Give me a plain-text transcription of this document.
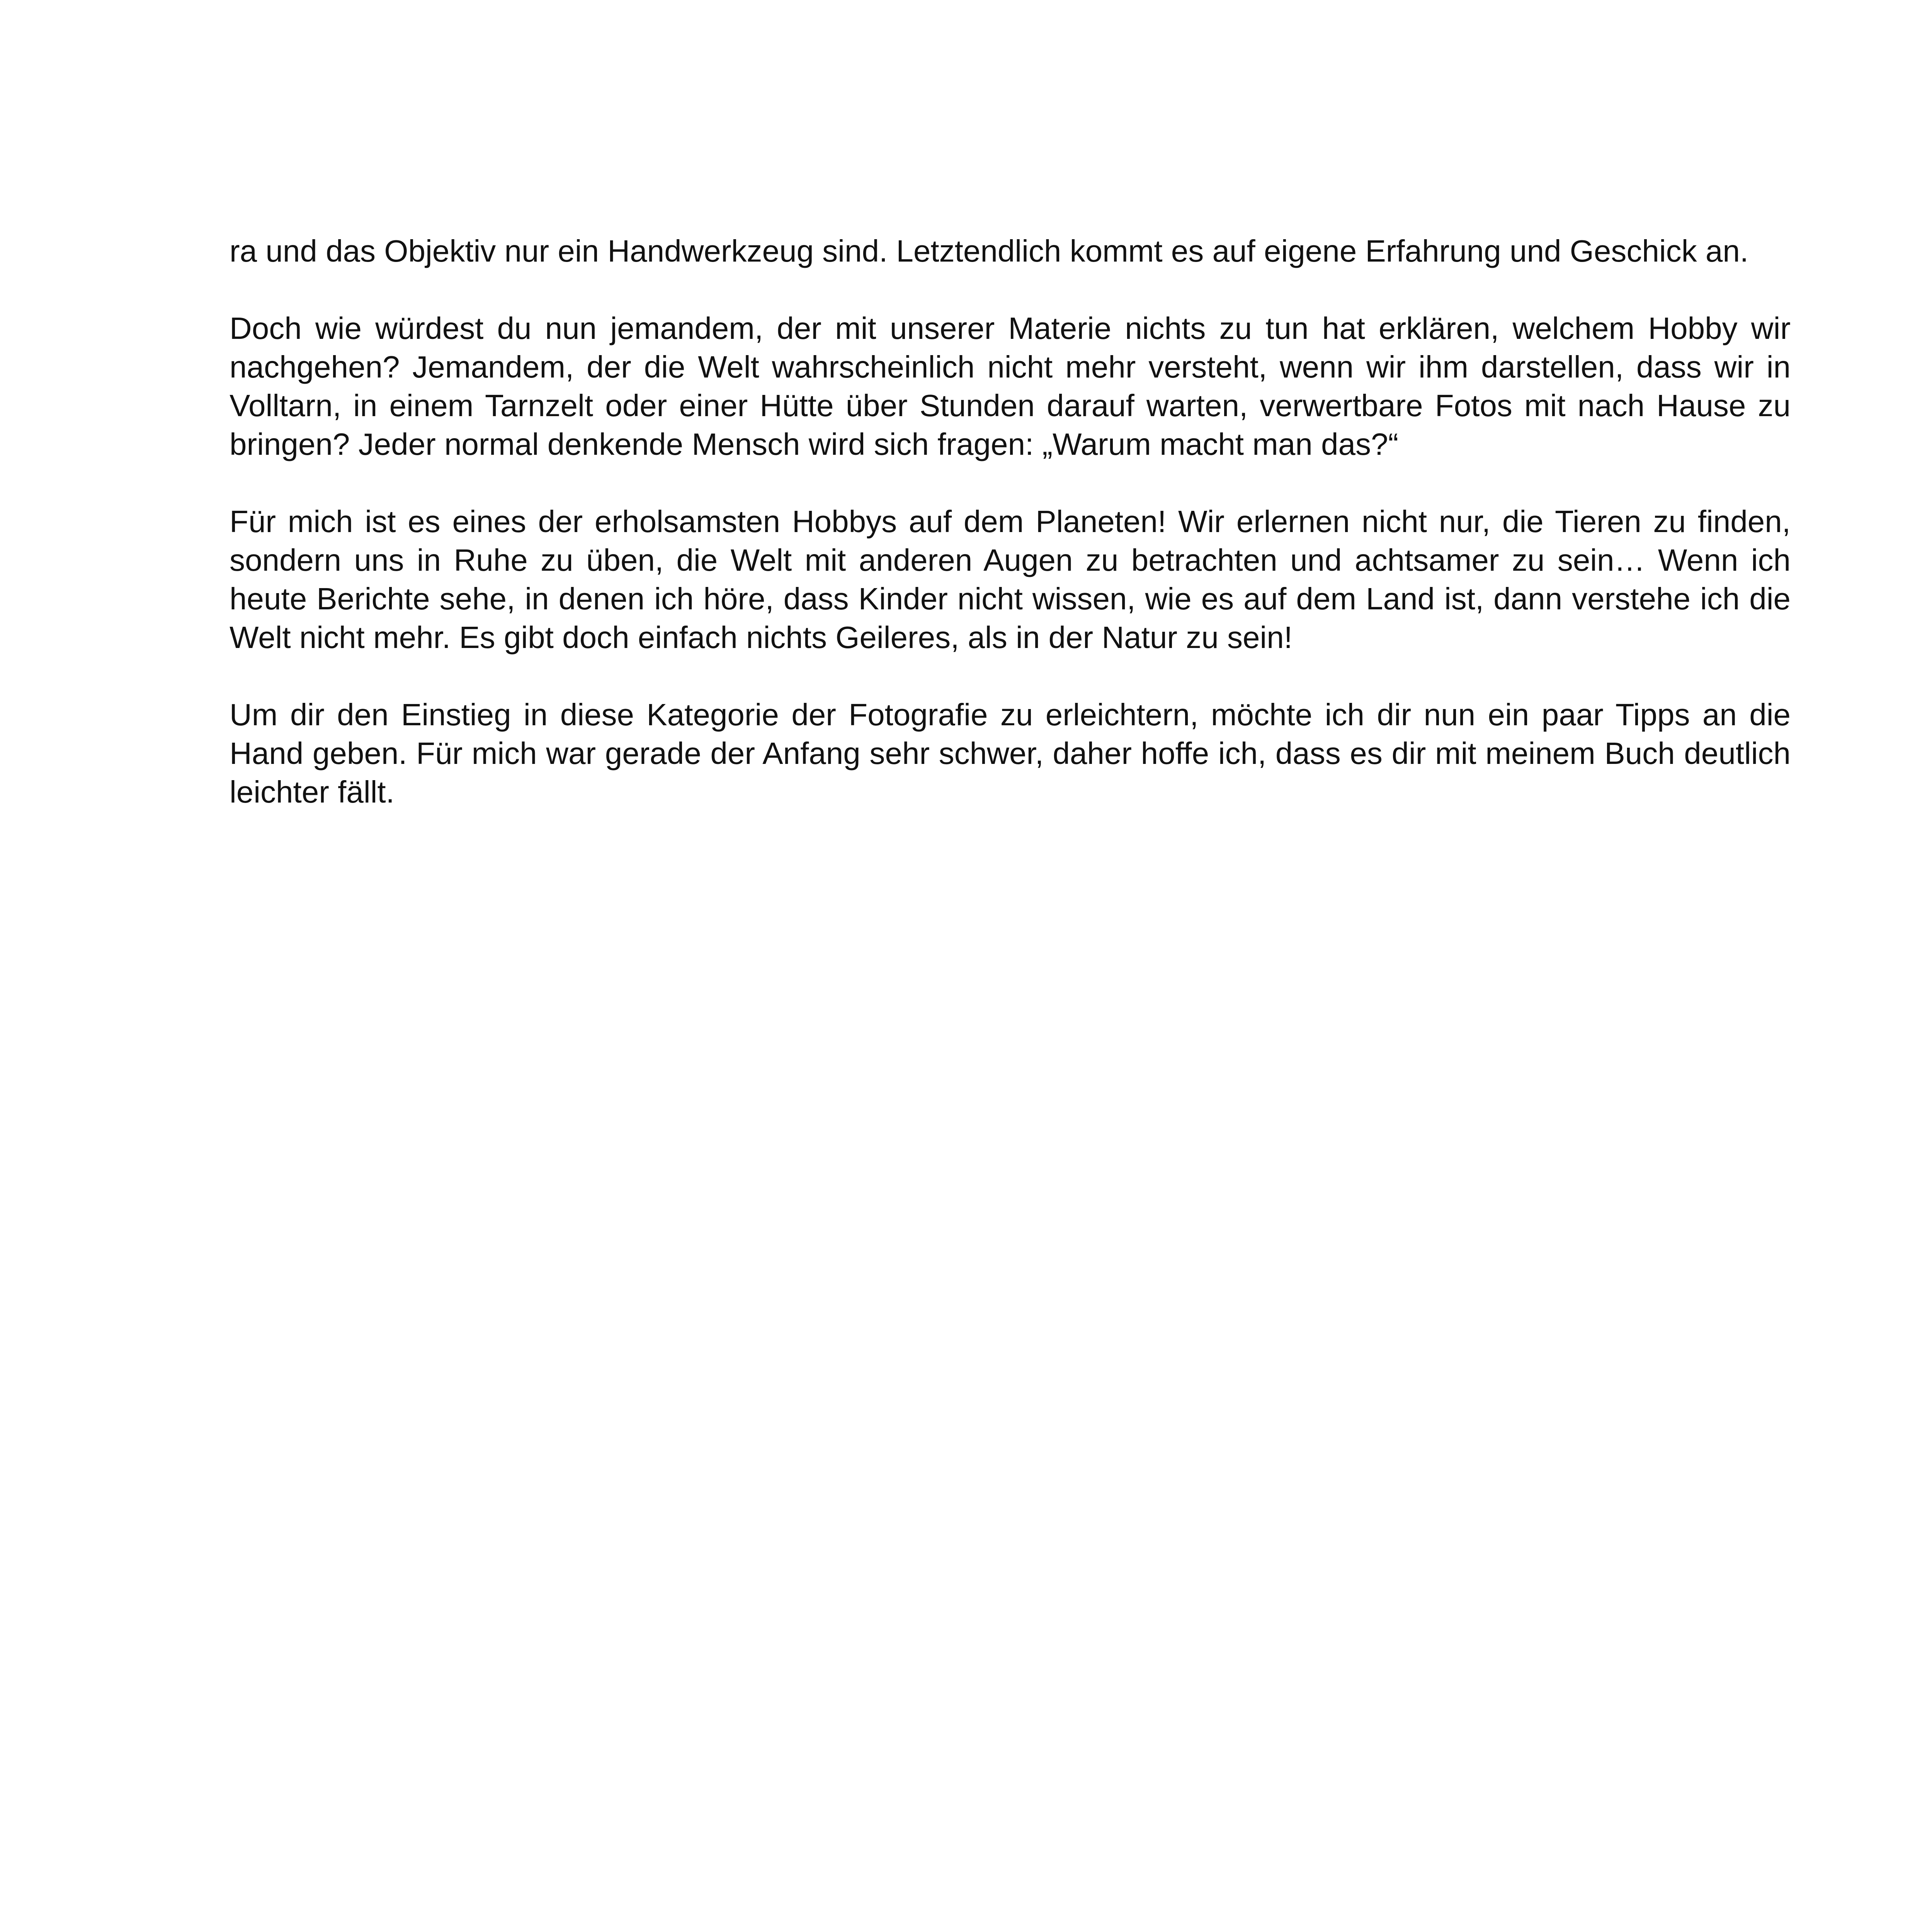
ra und das Objektiv nur ein Handwerkzeug sind. Letztendlich kommt es auf eigene Erfahrung und Geschick an.

Doch wie würdest du nun jemandem, der mit unserer Materie nichts zu tun hat erklären, welchem Hobby wir nachgehen? Jemandem, der die Welt wahrscheinlich nicht mehr versteht, wenn wir ihm darstellen, dass wir in Volltarn, in einem Tarnzelt oder einer Hütte über Stunden darauf warten, verwertbare Fotos mit nach Hause zu bringen? Jeder normal denkende Mensch wird sich fragen: „Warum macht man das?“

Für mich ist es eines der erholsamsten Hobbys auf dem Planeten! Wir erlernen nicht nur, die Tieren zu finden, sondern uns in Ruhe zu üben, die Welt mit anderen Augen zu betrachten und achtsamer zu sein… Wenn ich heute Berichte sehe, in denen ich höre, dass Kinder nicht wissen, wie es auf dem Land ist, dann verstehe ich die Welt nicht mehr. Es gibt doch einfach nichts Geileres, als in der Natur zu sein!

Um dir den Einstieg in diese Kategorie der Fotografie zu erleichtern, möchte ich dir nun ein paar Tipps an die Hand geben. Für mich war gerade der Anfang sehr schwer, daher hoffe ich, dass es dir mit meinem Buch deutlich leichter fällt.
